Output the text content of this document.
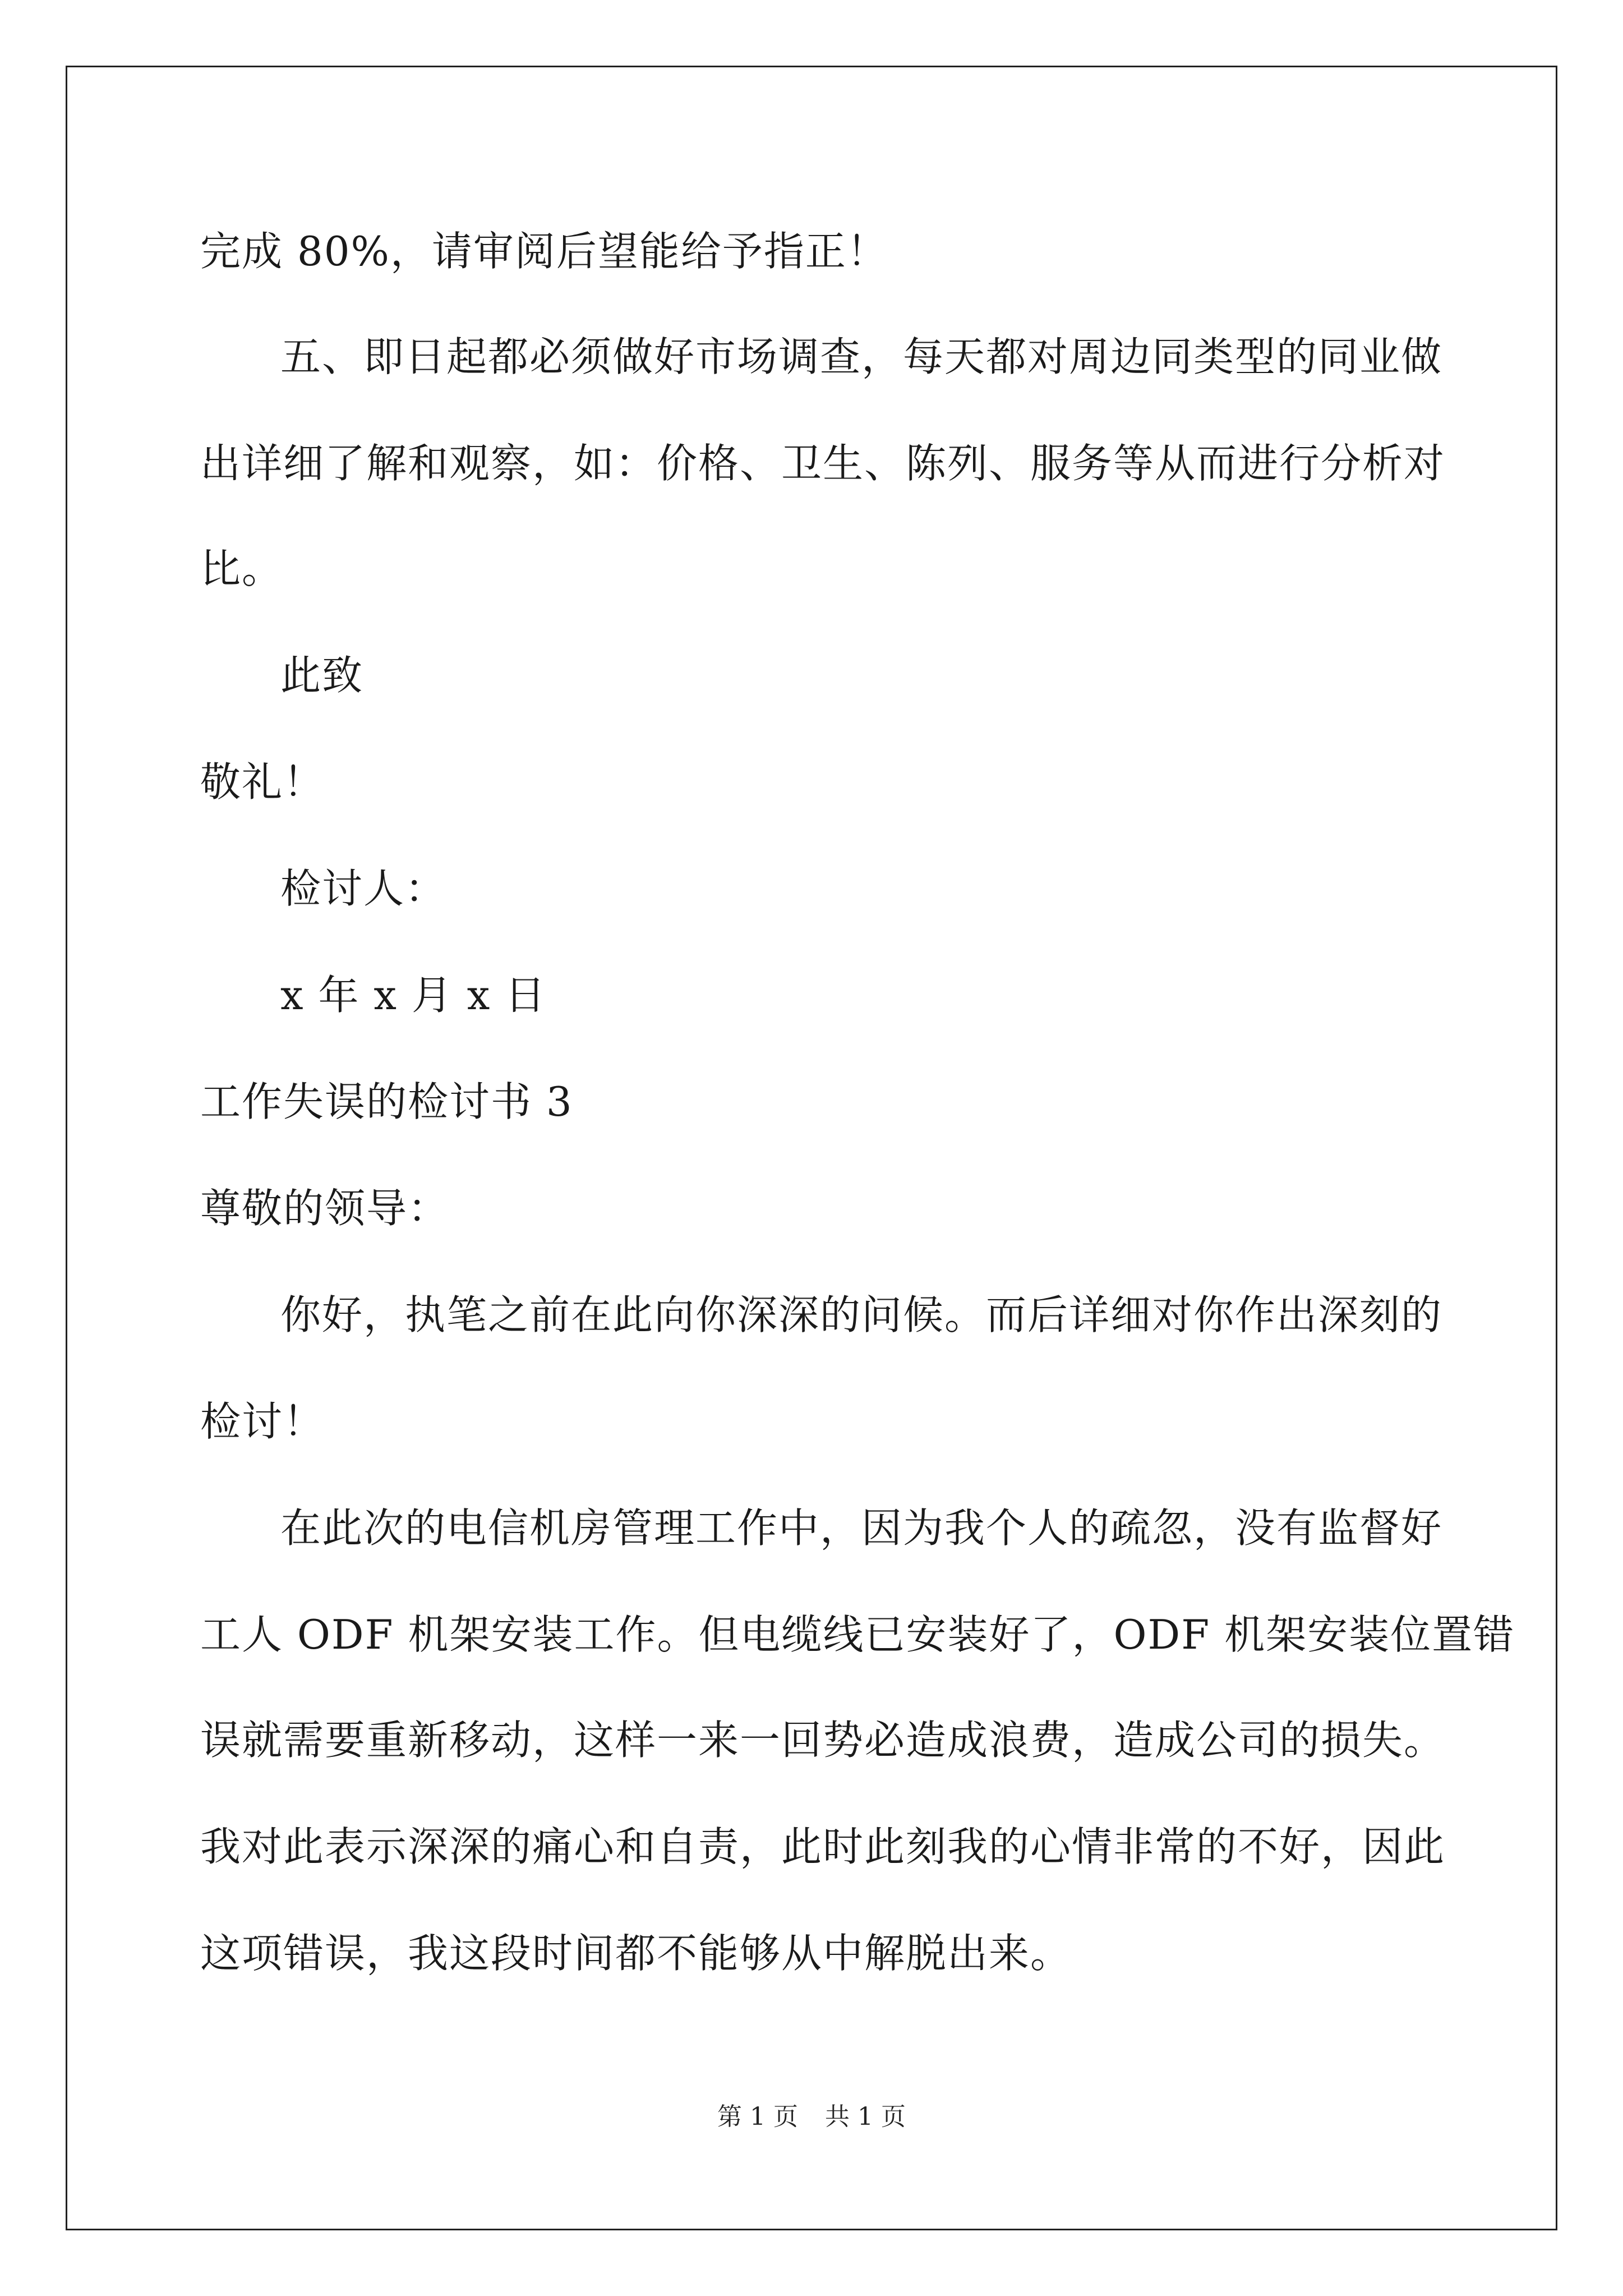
完成 80%，请审阅后望能给予指正！
五、即日起都必须做好市场调查，每天都对周边同类型的同业做
出详细了解和观察，如：价格、卫生、陈列、服务等从而进行分析对
比。
此致
敬礼！
检讨人：
x 年 x 月 x 日
工作失误的检讨书 3
尊敬的领导：
你好，执笔之前在此向你深深的问候。而后详细对你作出深刻的
检讨！
在此次的电信机房管理工作中，因为我个人的疏忽，没有监督好
工人 ODF 机架安装工作。但电缆线已安装好了，ODF 机架安装位置错
误就需要重新移动，这样一来一回势必造成浪费，造成公司的损失。
我对此表示深深的痛心和自责，此时此刻我的心情非常的不好，因此
这项错误，我这段时间都不能够从中解脱出来。
第 1 页 共 1 页
